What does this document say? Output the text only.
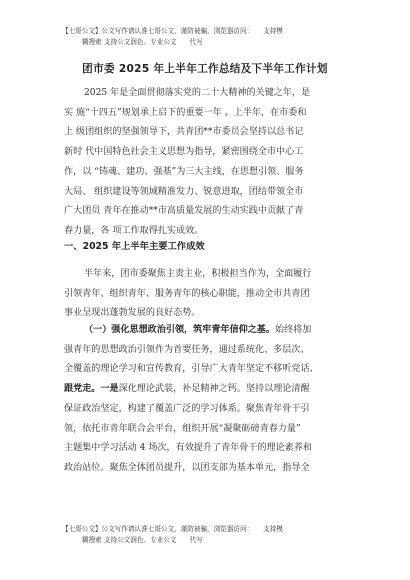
【七哥公文】公文写作请认准七哥公文，谨防被骗，浏览器访问：　　支持模
糊搜索 支持公文润色、专业公文　　代写
团市委 2025 年上半年工作总结及下半年工作计划
2025 年是全面贯彻落实党的二十大精神的关键之年，是
实 施“十四五”规划承上启下的重要一年 。上半年，在市委和
上 级团组织的坚强领导下，共青团**市委员会坚持以总书记
新时 代中国特色社会主义思想为指导，紧密围绕全市中心工
作，以 “铸魂、建功、强基”为三大主线，在思想引领、服务
大局、 组织建设等领域精准发力、锐意进取，团结带领全市
广大团员 青年在推动**市高质量发展的生动实践中贡献了青
春力量，各 项工作取得扎实成效。
一、2025 年上半年主要工作成效
半年来，团市委聚焦主责主业，积极担当作为，全面履行
引领青年、组织青年、服务青年的核心职能，推动全市共青团
事业呈现出蓬勃发展的良好态势。
（一）强化思想政治引领，筑牢青年信仰之基。始终将加
强青年的思想政治引领作为首要任务，通过系统化、多层次、
全覆盖的理论学习和宣传教育，引导广大青年坚定不移听党话、
跟党走。一是深化理论武装，补足精神之钙。坚持以理论清醒
保证政治坚定，构建了覆盖广泛的学习体系。聚焦青年骨干引
领，依托市青年联合会平台，组织开展“凝聚砺磅青春力量”
主题集中学习活动 4 场次，有效提升了青年骨干的理论素养和
政治站位。聚焦全体团员提升，以团支部为基本单元，指导全
【七哥公文】公文写作请认准七哥公文，谨防被骗，浏览器访问：　　支持模
糊搜索 支持公文润色、专业公文　　代写
